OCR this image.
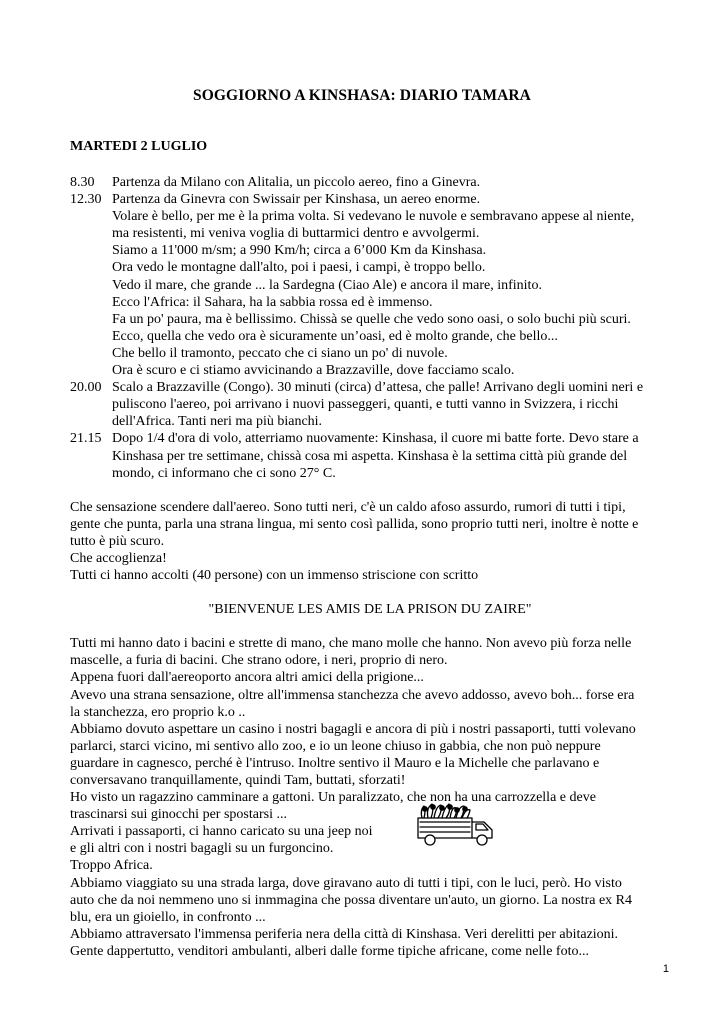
SOGGIORNO A KINSHASA: DIARIO TAMARA
MARTEDI 2 LUGLIO
8.30 Partenza da Milano con Alitalia, un piccolo aereo, fino a Ginevra.
12.30 Partenza da Ginevra con Swissair per Kinshasa, un aereo enorme.
Volare è bello, per me è la prima volta. Si vedevano le nuvole e sembravano appese al niente,
ma resistenti, mi veniva voglia di buttarmici dentro e avvolgermi.
Siamo a 11'000 m/sm; a 990 Km/h; circa a 6’000 Km da Kinshasa.
Ora vedo le montagne dall'alto, poi i paesi, i campi, è troppo bello.
Vedo il mare, che grande ... la Sardegna (Ciao Ale) e ancora il mare, infinito.
Ecco l'Africa: il Sahara, ha la sabbia rossa ed è immenso.
Fa un po' paura, ma è bellissimo. Chissà se quelle che vedo sono oasi, o solo buchi più scuri.
Ecco, quella che vedo ora è sicuramente un’oasi, ed è molto grande, che bello...
Che bello il tramonto, peccato che ci siano un po' di nuvole.
Ora è scuro e ci stiamo avvicinando a Brazzaville, dove facciamo scalo.
20.00 Scalo a Brazzaville (Congo). 30 minuti (circa) d’attesa, che palle! Arrivano degli uomini neri e
puliscono l'aereo, poi arrivano i nuovi passeggeri, quanti, e tutti vanno in Svizzera, i ricchi
dell'Africa. Tanti neri ma più bianchi.
21.15 Dopo 1/4 d'ora di volo, atterriamo nuovamente: Kinshasa, il cuore mi batte forte. Devo stare a
Kinshasa per tre settimane, chissà cosa mi aspetta. Kinshasa è la settima città più grande del
mondo, ci informano che ci sono 27° C.
Che sensazione scendere dall'aereo. Sono tutti neri, c'è un caldo afoso assurdo, rumori di tutti i tipi,
gente che punta, parla una strana lingua, mi sento così pallida, sono proprio tutti neri, inoltre è notte e
tutto è più scuro.
Che accoglienza!
Tutti ci hanno accolti (40 persone) con un immenso striscione con scritto
"BIENVENUE LES AMIS DE LA PRISON DU ZAIRE"
Tutti mi hanno dato i bacini e strette di mano, che mano molle che hanno. Non avevo più forza nelle
mascelle, a furia di bacini. Che strano odore, i neri, proprio di nero.
Appena fuori dall'aereoporto ancora altri amici della prigione...
Avevo una strana sensazione, oltre all'immensa stanchezza che avevo addosso, avevo boh... forse era
la stanchezza, ero proprio k.o ..
Abbiamo dovuto aspettare un casino i nostri bagagli e ancora di più i nostri passaporti, tutti volevano
parlarci, starci vicino, mi sentivo allo zoo, e io un leone chiuso in gabbia, che non può neppure
guardare in cagnesco, perché è l'intruso. Inoltre sentivo il Mauro e la Michelle che parlavano e
conversavano tranquillamente, quindi Tam, buttati, sforzati!
Ho visto un ragazzino camminare a gattoni. Un paralizzato, che non ha una carrozzella e deve
trascinarsi sui ginocchi per spostarsi ...
Arrivati i passaporti, ci hanno caricato su una jeep noi
e gli altri con i nostri bagagli su un furgoncino.
Troppo Africa.
Abbiamo viaggiato su una strada larga, dove giravano auto di tutti i tipi, con le luci, però. Ho visto
auto che da noi nemmeno uno si inmmagina che possa diventare un'auto, un giorno. La nostra ex R4
blu, era un gioiello, in confronto ...
Abbiamo attraversato l'immensa periferia nera della città di Kinshasa. Veri derelitti per abitazioni.
Gente dappertutto, venditori ambulanti, alberi dalle forme tipiche africane, come nelle foto...
1
